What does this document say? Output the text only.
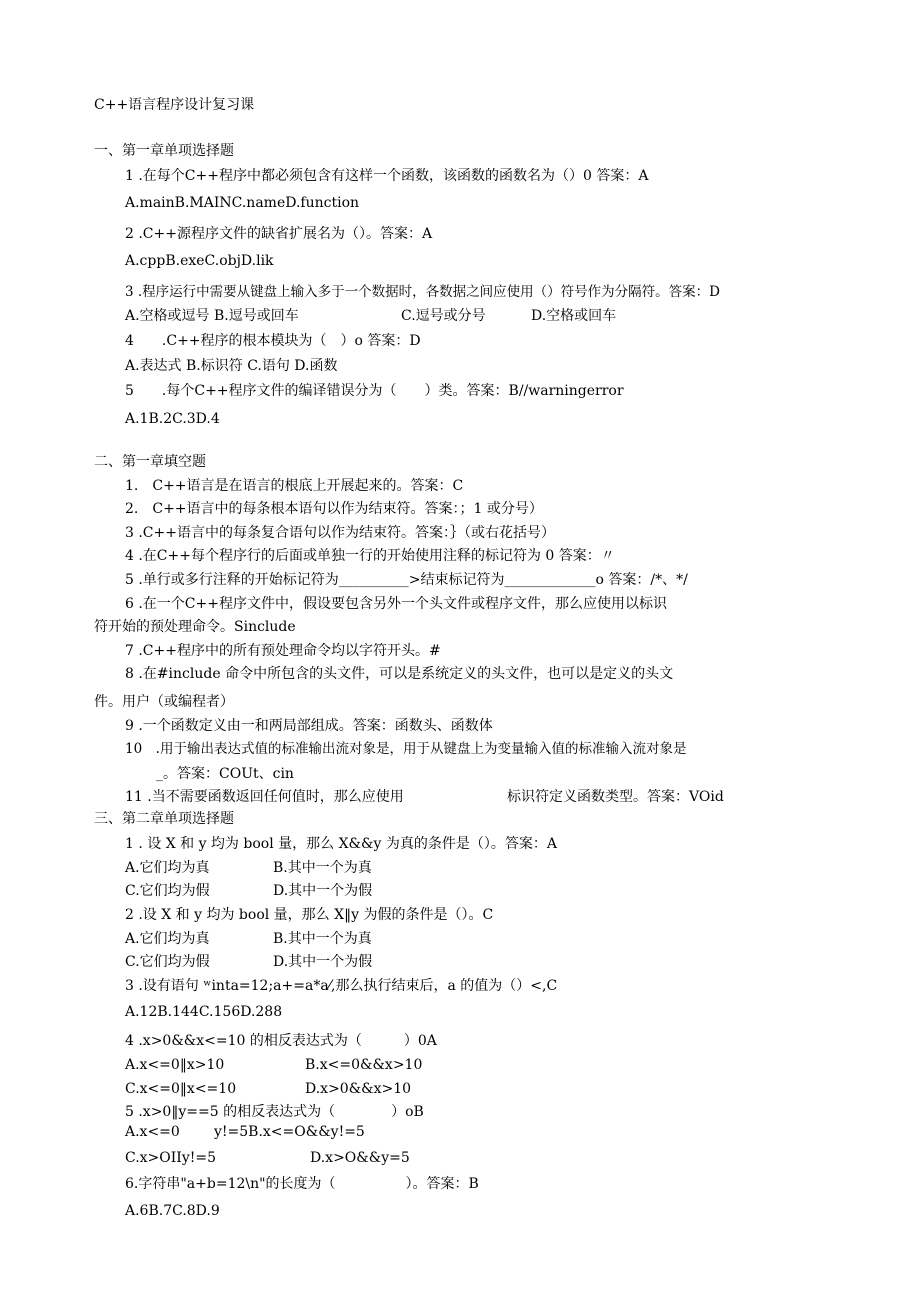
C++语言程序设计复习课
一、第一章单项选择题
1 .在每个C++程序中都必须包含有这样一个函数，该函数的函数名为（）0 答案：A
A.mainB.MAINC.nameD.function
2 .C++源程序文件的缺省扩展名为（）。答案：A
A.cppB.exeC.objD.lik
3 .程序运行中需要从键盘上输入多于一个数据时，各数据之间应使用（）符号作为分隔符。答案：D
A.空格或逗号 B.逗号或回车	C.逗号或分号	D.空格或回车
4　　.C++程序的根本模块为（　）o 答案：D
A.表达式 B.标识符 C.语句 D.函数
5　　.每个C++程序文件的编译错误分为（　　）类。答案：B//warningerror
A.1B.2C.3D.4
二、第一章填空题
1.　C++语言是在语言的根底上开展起来的。答案：C
2.　C++语言中的每条根本语句以作为结束符。答案：；1 或分号）
3 .C++语言中的每条复合语句以作为结束符。答案：｝（或右花括号）
4 .在C++每个程序行的后面或单独一行的开始使用注释的标记符为 0 答案：〃
5 .单行或多行注释的开始标记符为__________>结束标记符为_____________o 答案：/*、*/
6 .在一个C++程序文件中，假设要包含另外一个头文件或程序文件，那么应使用以标识
符开始的预处理命令。Sinclude
7 .C++程序中的所有预处理命令均以字符开头。#
8 .在#include 命令中所包含的头文件，可以是系统定义的头文件，也可以是定义的头文
件。用户（或编程者）
9 .一个函数定义由一和两局部组成。答案：函数头、函数体
10　.用于输出表达式值的标准输出流对象是，用于从键盘上为变量输入值的标准输入流对象是
_。答案：COUt、cin
11 .当不需要函数返回任何值时，那么应使用	标识符定义函数类型。答案：VOid
三、第二章单项选择题
1 . 设 X 和 y 均为 bool 量，那么 X&&y 为真的条件是（）。答案：A
A.它们均为真	B.其中一个为真
C.它们均为假	D.其中一个为假
2 .设 X 和 y 均为 bool 量，那么 X‖y 为假的条件是（）。C
A.它们均为真	B.其中一个为真
C.它们均为假	D.其中一个为假
3 .设有语句 ʷinta=12;a+=a*a⁄,那么执行结束后，a 的值为（）<,C
A.12B.144C.156D.288
4 .x>0&&x<=10 的相反表达式为（　　　）0A
A.x<=0‖x>10	B.x<=0&&x>10
C.x<=0‖x<=10	D.x>0&&x>10
5 .x>0‖y==5 的相反表达式为（　　　　）oB
A.x<=0 y!=5B.x<=O&&y!=5
C.x>OIIy!=5	D.x>O&&y=5
6.字符串"a+b=12\n"的长度为（　　　　　）。答案：B
A.6B.7C.8D.9
